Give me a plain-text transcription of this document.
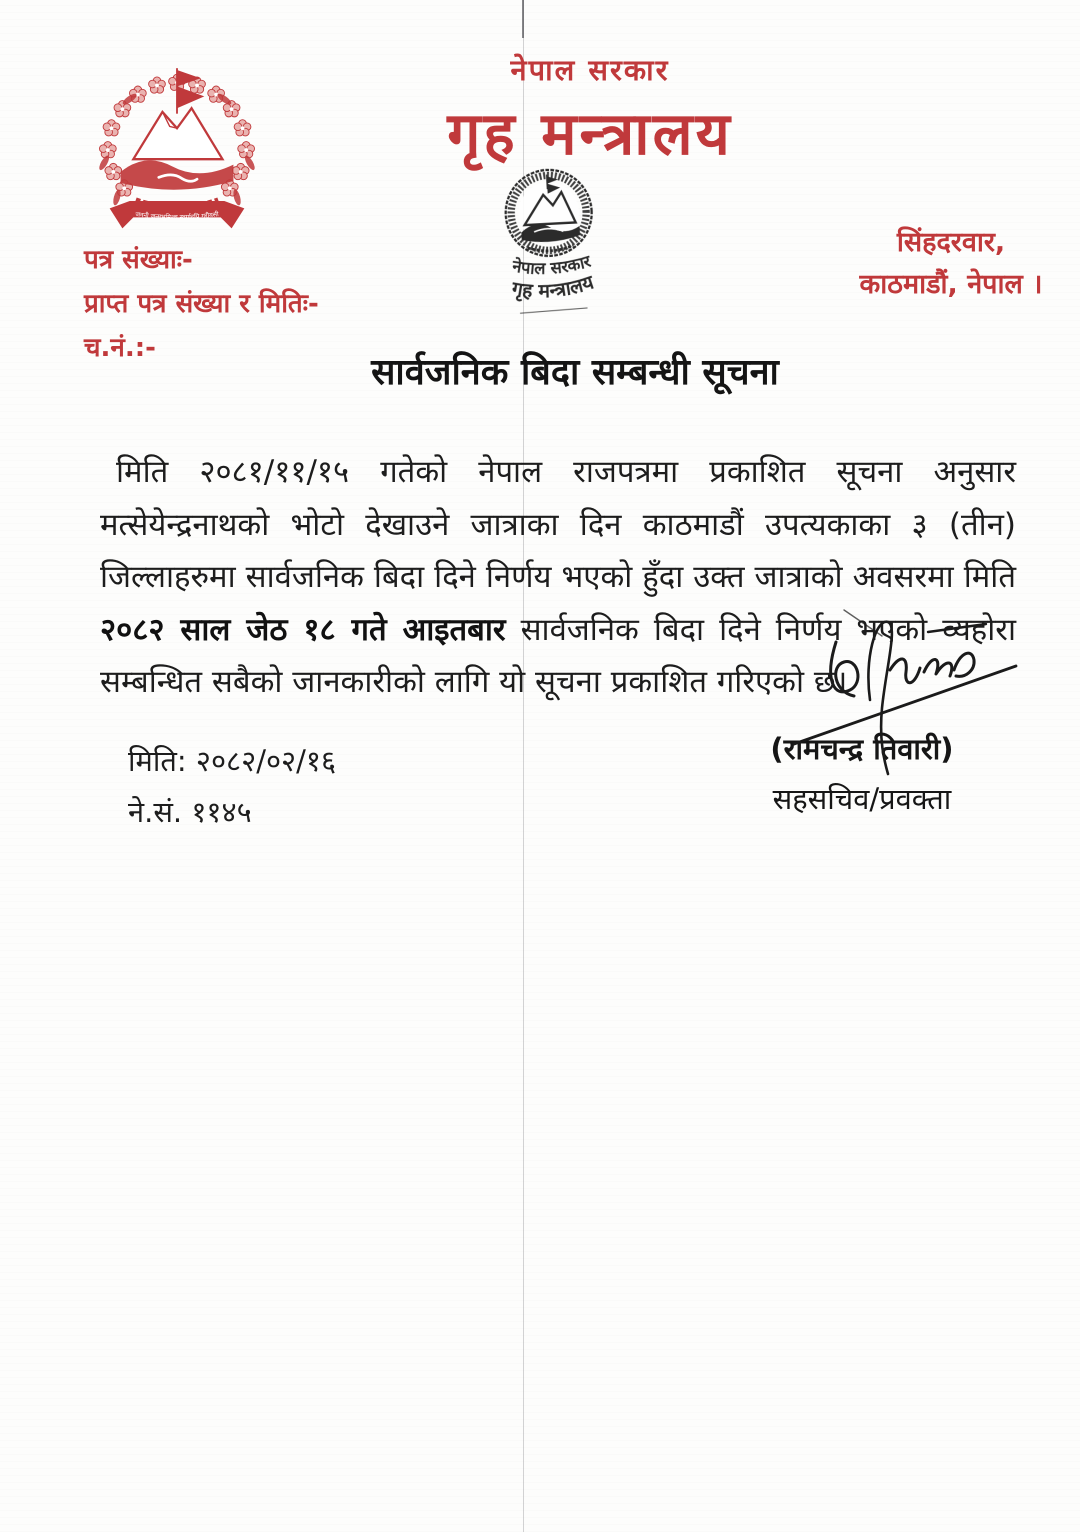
जननी जन्मभूमिश्च स्वर्गादपि गरीयसी
नेपाल सरकार
गृह मन्त्रालय
नेपाल सरकार
गृह मन्त्रालय
सिंहदरवार,
काठमाडौं, नेपाल ।
पत्र संख्याः-
प्राप्त पत्र संख्या र मितिः-
च.नं.:-
सार्वजनिक बिदा सम्बन्धी सूचना
मिति २०८१/११/१५ गतेको नेपाल राजपत्रमा प्रकाशित सूचना अनुसार मत्सेयेन्द्रनाथको भोटो देखाउने जात्राका दिन काठमाडौं उपत्यकाका ३ (तीन) जिल्लाहरुमा सार्वजनिक बिदा दिने निर्णय भएको हुँदा उक्त जात्राको अवसरमा मिति २०८२ साल जेठ १८ गते आइतबार सार्वजनिक बिदा दिने निर्णय भएको व्यहोरा सम्बन्धित सबैको जानकारीको लागि यो सूचना प्रकाशित गरिएको छ।
मिति: २०८२/०२/१६
ने.सं. ११४५
(रामचन्द्र तिवारी)
सहसचिव/प्रवक्ता
